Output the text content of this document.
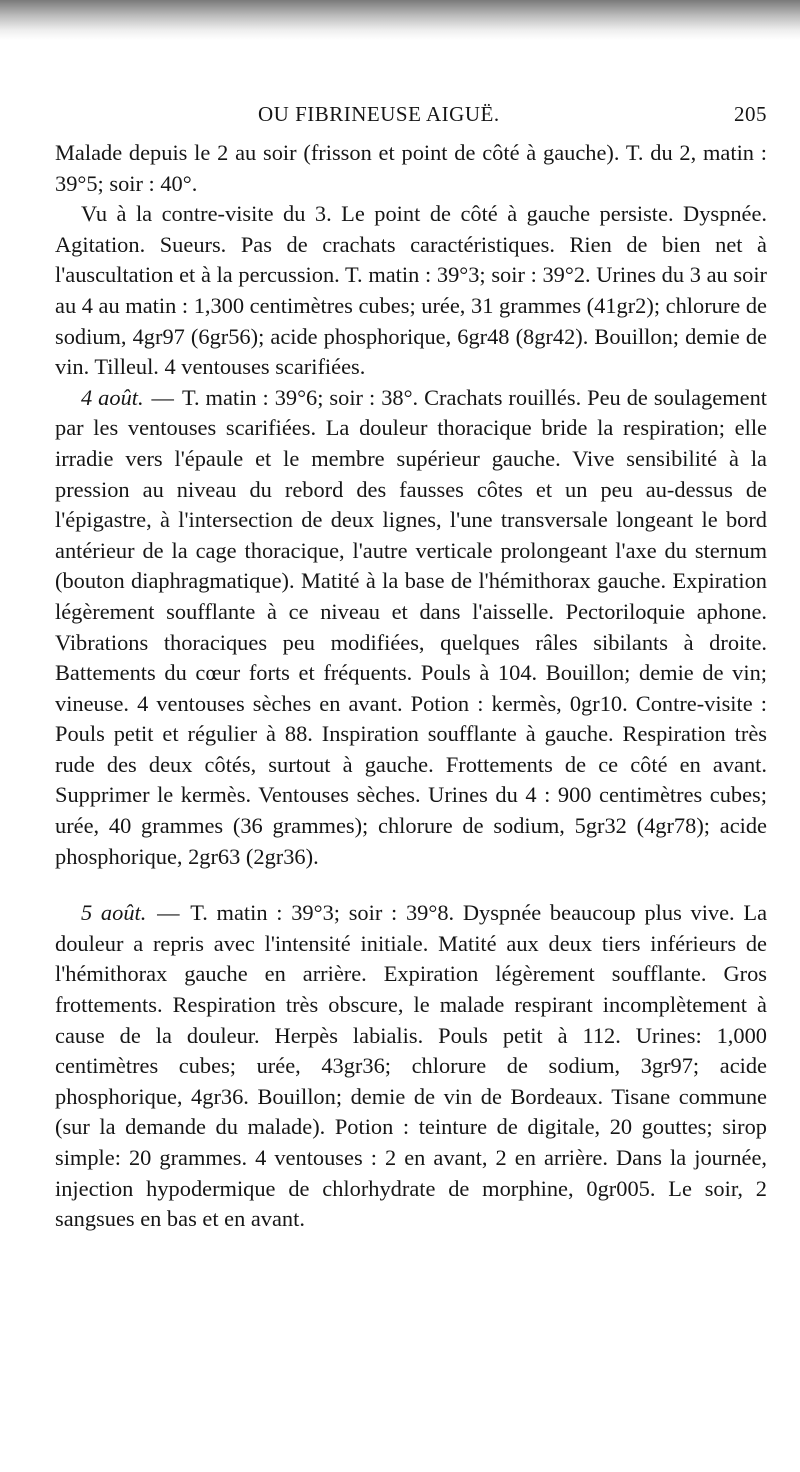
OU FIBRINEUSE AIGUË.	205

Malade depuis le 2 au soir (frisson et point de côté à gauche). T. du 2, matin : 39°5; soir : 40°.

Vu à la contre-visite du 3. Le point de côté à gauche persiste. Dyspnée. Agitation. Sueurs. Pas de crachats caractéristiques. Rien de bien net à l'auscultation et à la percussion. T. matin : 39°3; soir : 39°2. Urines du 3 au soir au 4 au matin : 1,300 centimètres cubes; urée, 31 grammes (41gr2); chlorure de sodium, 4gr97 (6gr56); acide phosphorique, 6gr48 (8gr42). Bouillon; demie de vin. Tilleul. 4 ventouses scarifiées.

4 août. — T. matin : 39°6; soir : 38°. Crachats rouillés. Peu de soulagement par les ventouses scarifiées. La douleur thoracique bride la respiration; elle irradie vers l'épaule et le membre supérieur gauche. Vive sensibilité à la pression au niveau du rebord des fausses côtes et un peu au-dessus de l'épigastre, à l'intersection de deux lignes, l'une transversale longeant le bord antérieur de la cage thoracique, l'autre verticale prolongeant l'axe du sternum (bouton diaphragmatique). Matité à la base de l'hémithorax gauche. Expiration légèrement soufflante à ce niveau et dans l'aisselle. Pectoriloquie aphone. Vibrations thoraciques peu modifiées, quelques râles sibilants à droite. Battements du cœur forts et fréquents. Pouls à 104. Bouillon; demie de vin; vineuse. 4 ventouses sèches en avant. Potion : kermès, 0gr10. Contre-visite : Pouls petit et régulier à 88. Inspiration soufflante à gauche. Respiration très rude des deux côtés, surtout à gauche. Frottements de ce côté en avant. Supprimer le kermès. Ventouses sèches. Urines du 4 : 900 centimètres cubes; urée, 40 grammes (36 grammes); chlorure de sodium, 5gr32 (4gr78); acide phosphorique, 2gr63 (2gr36).

5 août. — T. matin : 39°3; soir : 39°8. Dyspnée beaucoup plus vive. La douleur a repris avec l'intensité initiale. Matité aux deux tiers inférieurs de l'hémithorax gauche en arrière. Expiration légèrement soufflante. Gros frottements. Respiration très obscure, le malade respirant incomplètement à cause de la douleur. Herpès labialis. Pouls petit à 112. Urines: 1,000 centimètres cubes; urée, 43gr36; chlorure de sodium, 3gr97; acide phosphorique, 4gr36. Bouillon; demie de vin de Bordeaux. Tisane commune (sur la demande du malade). Potion : teinture de digitale, 20 gouttes; sirop simple: 20 grammes. 4 ventouses : 2 en avant, 2 en arrière. Dans la journée, injection hypodermique de chlorhydrate de morphine, 0gr005. Le soir, 2 sangsues en bas et en avant.
